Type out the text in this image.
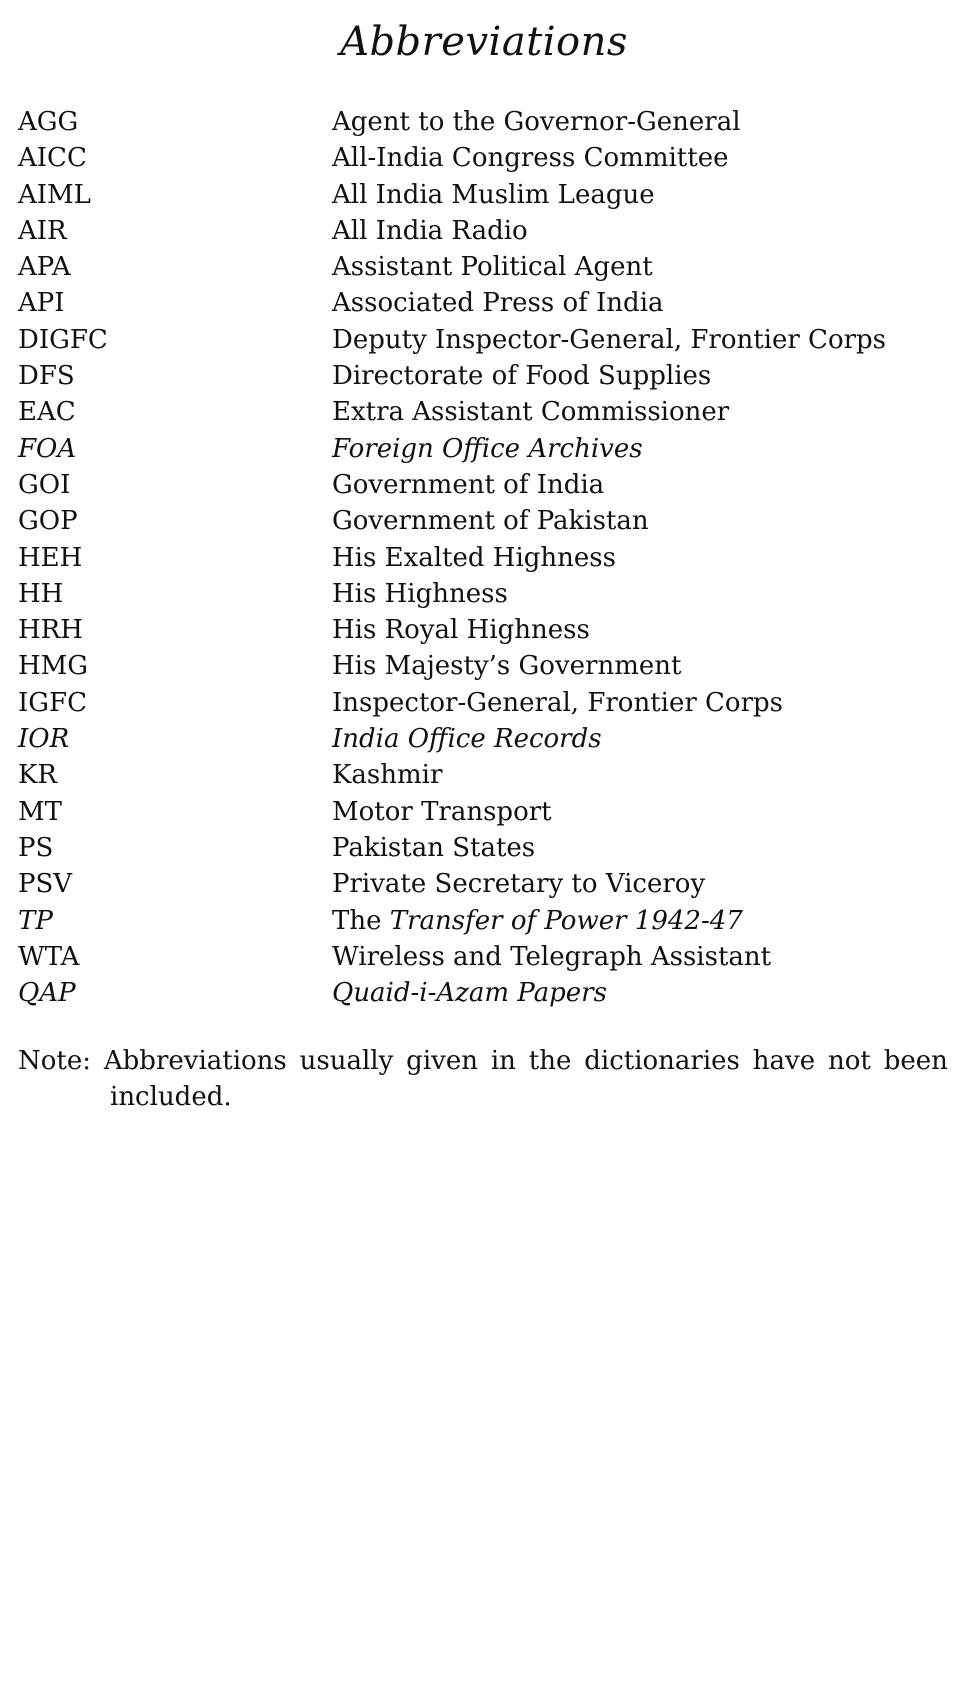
Abbreviations
AGG	Agent to the Governor-General
AICC	All-India Congress Committee
AIML	All India Muslim League
AIR	All India Radio
APA	Assistant Political Agent
API	Associated Press of India
DIGFC	Deputy Inspector-General, Frontier Corps
DFS	Directorate of Food Supplies
EAC	Extra Assistant Commissioner
FOA	Foreign Office Archives
GOI	Government of India
GOP	Government of Pakistan
HEH	His Exalted Highness
HH	His Highness
HRH	His Royal Highness
HMG	His Majesty’s Government
IGFC	Inspector-General, Frontier Corps
IOR	India Office Records
KR	Kashmir
MT	Motor Transport
PS	Pakistan States
PSV	Private Secretary to Viceroy
TP	The Transfer of Power 1942-47
WTA	Wireless and Telegraph Assistant
QAP	Quaid-i-Azam Papers
Note: Abbreviations usually given in the dictionaries have not been
included.
